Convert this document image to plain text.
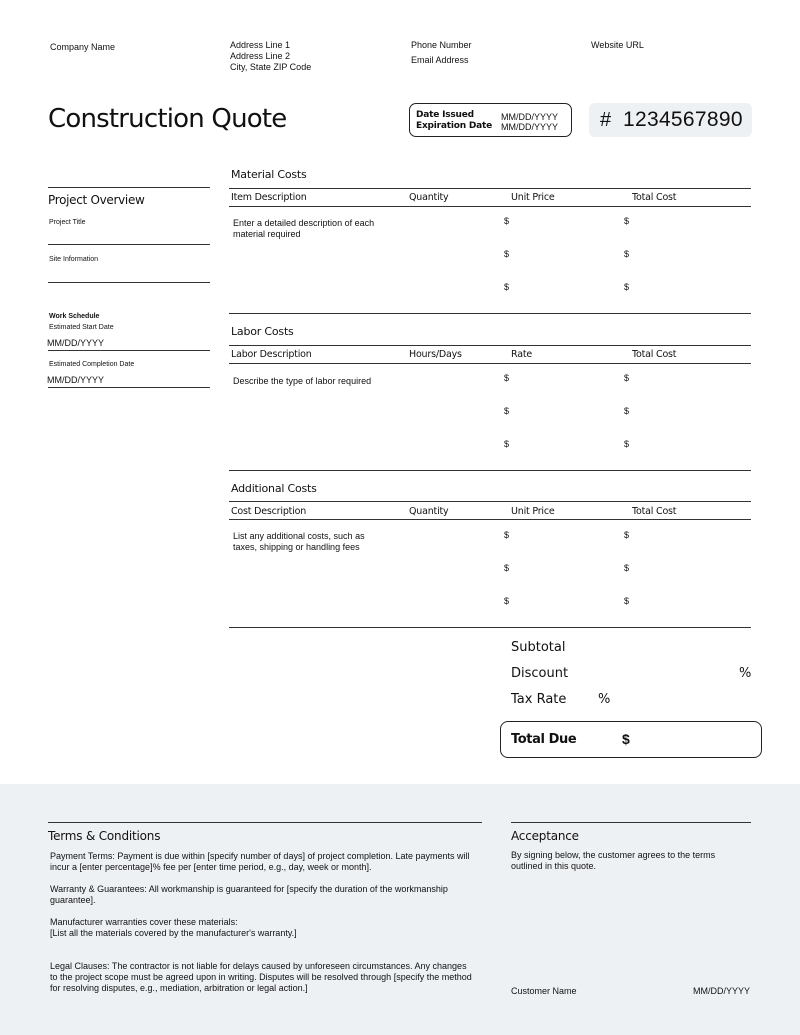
Company Name	Address Line 1
Address Line 2
City, State ZIP Code
Phone Number
Email Address
Website URL
Construction Quote	Date Issued
Expiration Date
MM/DD/YYYY
MM/DD/YYYY # 1234567890
Project Overview
Project Title
Site Information
Work Schedule
Estimated Start Date
MM/DD/YYYY
Estimated Completion Date
MM/DD/YYYY
Material Costs
Item Description	Quantity	Unit Price	Total Cost
Enter a detailed description of each
material required
$	$
$	$
$	$
Labor Costs
Labor Description	Hours/Days	Rate	Total Cost
Describe the type of labor required	$	$
$	$
$	$
Additional Costs
Cost Description	Quantity	Unit Price	Total Cost
List any additional costs, such as
taxes, shipping or handling fees
$	$
$	$
$	$
Subtotal
Discount	%
Tax Rate %
Total Due	$
Terms & Conditions
Payment Terms: Payment is due within [specify number of days] of project completion. Late payments will
incur a [enter percentage]% fee per [enter time period, e.g., day, week or month].
Warranty & Guarantees: All workmanship is guaranteed for [specify the duration of the workmanship
guarantee].
Manufacturer warranties cover these materials:
[List all the materials covered by the manufacturer's warranty.]
Legal Clauses: The contractor is not liable for delays caused by unforeseen circumstances. Any changes
to the project scope must be agreed upon in writing. Disputes will be resolved through [specify the method
for resolving disputes, e.g., mediation, arbitration or legal action.]
Acceptance
By signing below, the customer agrees to the terms
outlined in this quote.
Customer Name	MM/DD/YYYY
